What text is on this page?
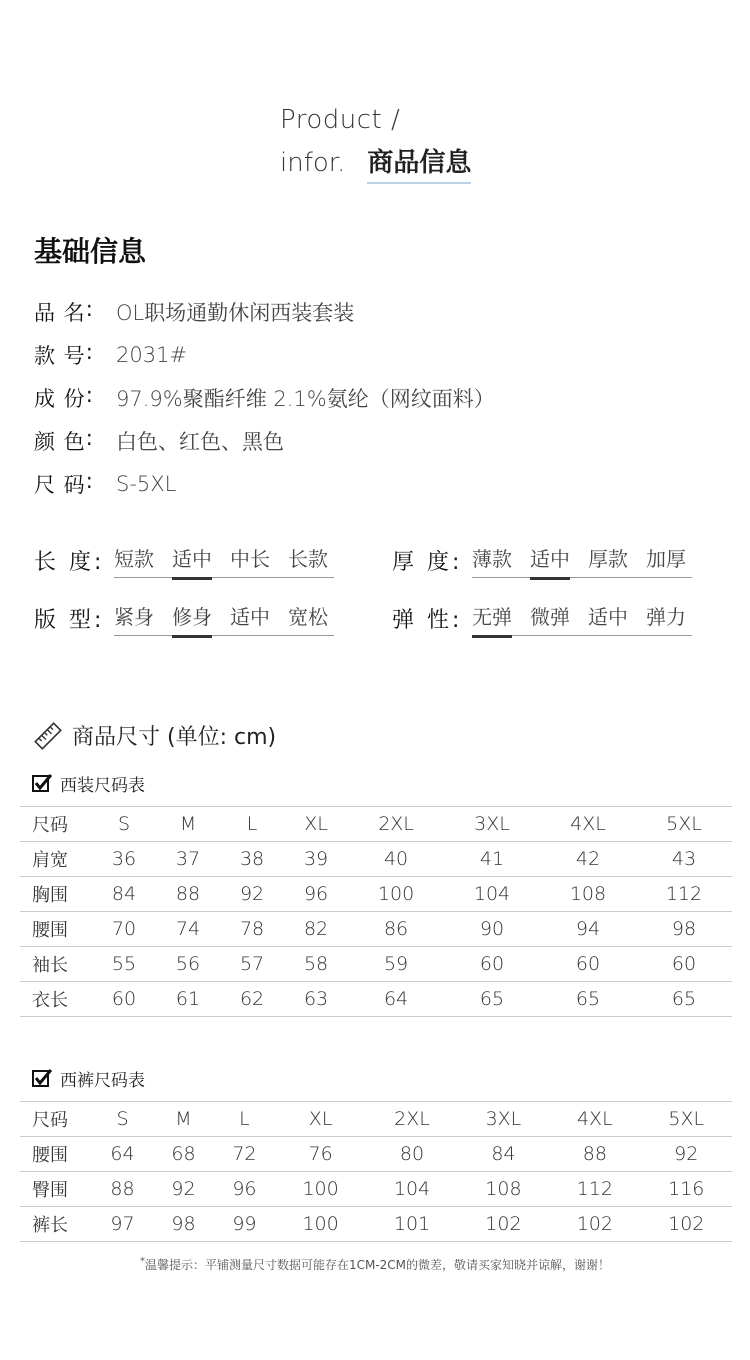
Product /
infor. 商品信息
基础信息
品 名 :	OL职场通勤休闲西装套装
款 号 :	2031#
成 份 :	97.9%聚酯纤维 2.1%氨纶（网纹面料）
颜 色 :	白色、红色、黑色
尺 码 :	S-5XL
长 度: 短款 适中 中长 长款	厚 度: 薄款 适中 厚款 加厚
版 型: 紧身 修身 适中 宽松	弹 性: 无弹 微弹 适中 弹力
商品尺寸 (单位: cm)
西装尺码表
尺码	S	M	L	XL	2XL	3XL	4XL	5XL
肩宽	36	37	38	39	40	41	42	43
胸围	84	88	92	96	100	104	108	112
腰围	70	74	78	82	86	90	94	98
袖长	55	56	57	58	59	60	60	60
衣长	60	61	62	63	64	65	65	65
西裤尺码表
尺码	S	M	L	XL	2XL	3XL	4XL	5XL
腰围	64	68	72	76	80	84	88	92
臀围	88	92	96	100	104	108	112	116
裤长	97	98	99	100	101	102	102	102
*温馨提示：平铺测量尺寸数据可能存在1CM-2CM的微差，敬请买家知晓并谅解，谢谢！
